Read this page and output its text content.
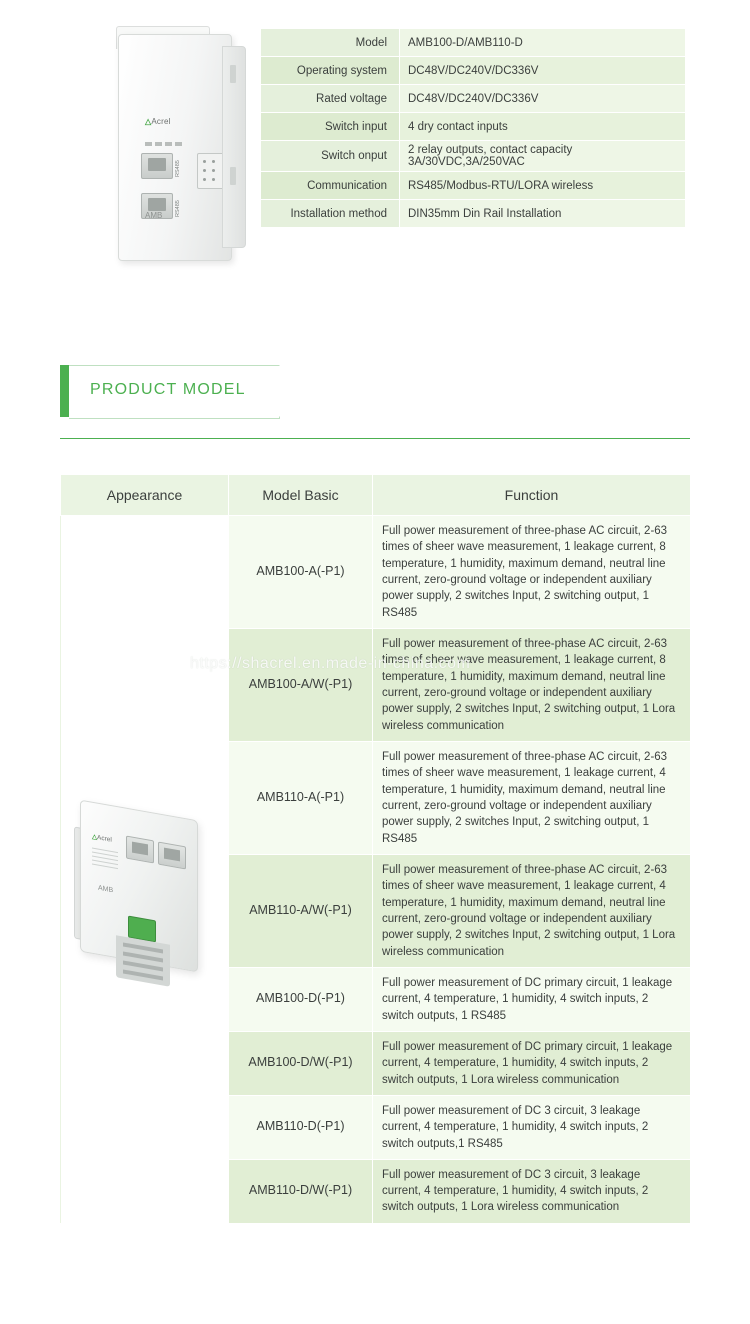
△Acrel
RS485
RS485
AMB
Model	AMB100-D/AMB110-D
Operating system	DC48V/DC240V/DC336V
Rated voltage	DC48V/DC240V/DC336V
Switch input	4 dry contact inputs
Switch onput	2 relay outputs, contact capacity 3A/30VDC,3A/250VAC
Communication	RS485/Modbus-RTU/LORA wireless
Installation method	DIN35mm Din Rail Installation
PRODUCT MODEL
Appearance	Model Basic	Function
	AMB100-A(-P1)	Full power measurement of three-phase AC circuit, 2-63 times of sheer wave measurement, 1 leakage current, 8 temperature, 1 humidity, maximum demand, neutral line current, zero-ground voltage or independent auxiliary power supply, 2 switches Input, 2 switching output, 1 RS485
	AMB100-A/W(-P1)	Full power measurement of three-phase AC circuit, 2-63 times of sheer wave measurement, 1 leakage current, 8 temperature, 1 humidity, maximum demand, neutral line current, zero-ground voltage or independent auxiliary power supply, 2 switches Input, 2 switching output, 1 Lora wireless communication
	AMB110-A(-P1)	Full power measurement of three-phase AC circuit, 2-63 times of sheer wave measurement, 1 leakage current, 4 temperature, 1 humidity, maximum demand, neutral line current, zero-ground voltage or independent auxiliary power supply, 2 switches Input, 2 switching output, 1 RS485
	AMB110-A/W(-P1)	Full power measurement of three-phase AC circuit, 2-63 times of sheer wave measurement, 1 leakage current, 4 temperature, 1 humidity, maximum demand, neutral line current, zero-ground voltage or independent auxiliary power supply, 2 switches Input, 2 switching output, 1 Lora wireless communication
	AMB100-D(-P1)	Full power measurement of DC primary circuit, 1 leakage current, 4 temperature, 1 humidity, 4 switch inputs, 2 switch outputs, 1 RS485
	AMB100-D/W(-P1)	Full power measurement of DC primary circuit, 1 leakage current, 4 temperature, 1 humidity, 4 switch inputs, 2 switch outputs, 1 Lora wireless communication
	AMB110-D(-P1)	Full power measurement of DC 3 circuit, 3 leakage current, 4 temperature, 1 humidity, 4 switch inputs, 2 switch outputs,1 RS485
	AMB110-D/W(-P1)	Full power measurement of DC 3 circuit, 3 leakage current, 4 temperature, 1 humidity, 4 switch inputs, 2 switch outputs, 1 Lora wireless communication
△Acrel
AMB
https://shacrel.en.made-in-china.com
